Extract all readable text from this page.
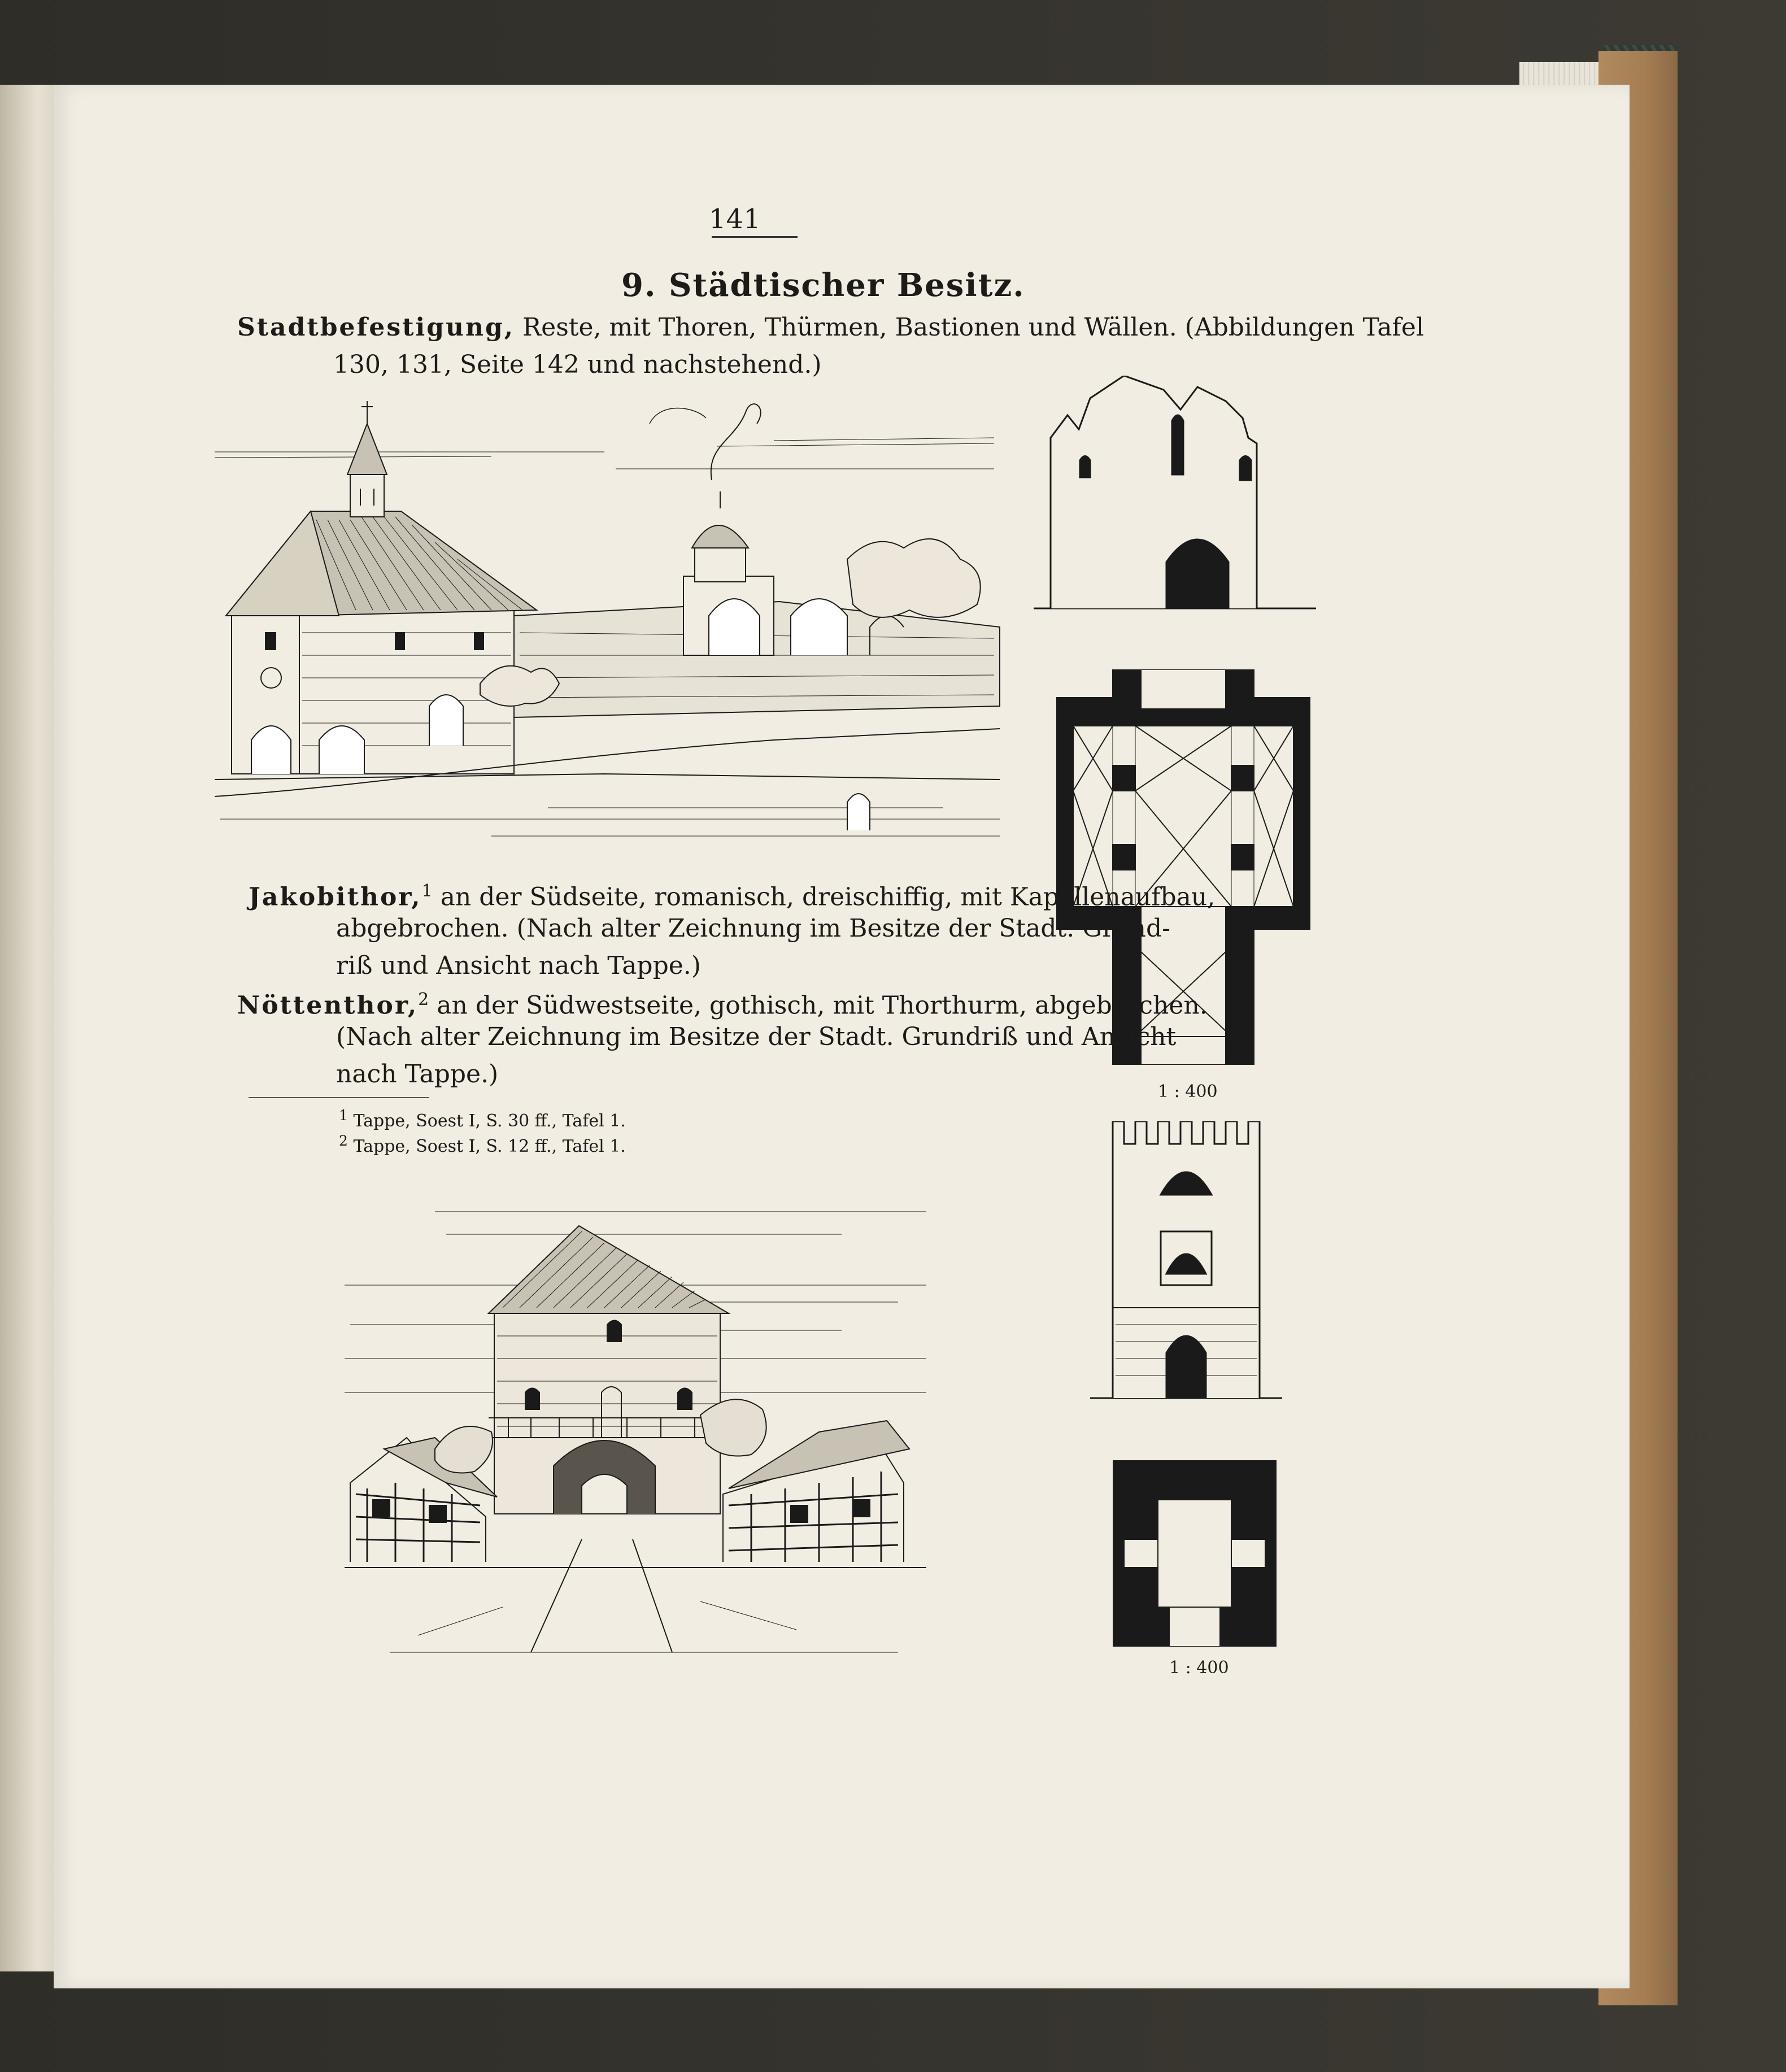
141
9. Städtischer Besitz.
Stadtbefestigung, Reste, mit Thoren, Thürmen, Bastionen und Wällen. (Abbildungen Tafel
130, 131, Seite 142 und nachstehend.)
1 : 400
1 : 400
Jakobithor,$^1$ an der Südseite, romanisch, dreischiffig, mit Kapellenaufbau,
abgebrochen. (Nach alter Zeichnung im Besitze der Stadt. Grund-
riß und Ansicht nach Tappe.)
Nöttenthor,$^2$ an der Südwestseite, gothisch, mit Thorthurm, abgebrochen.
(Nach alter Zeichnung im Besitze der Stadt. Grundriß und Ansicht
nach Tappe.)
$^1$ Tappe, Soest I, S. 30 ff., Tafel 1.
$^2$ Tappe, Soest I, S. 12 ff., Tafel 1.
